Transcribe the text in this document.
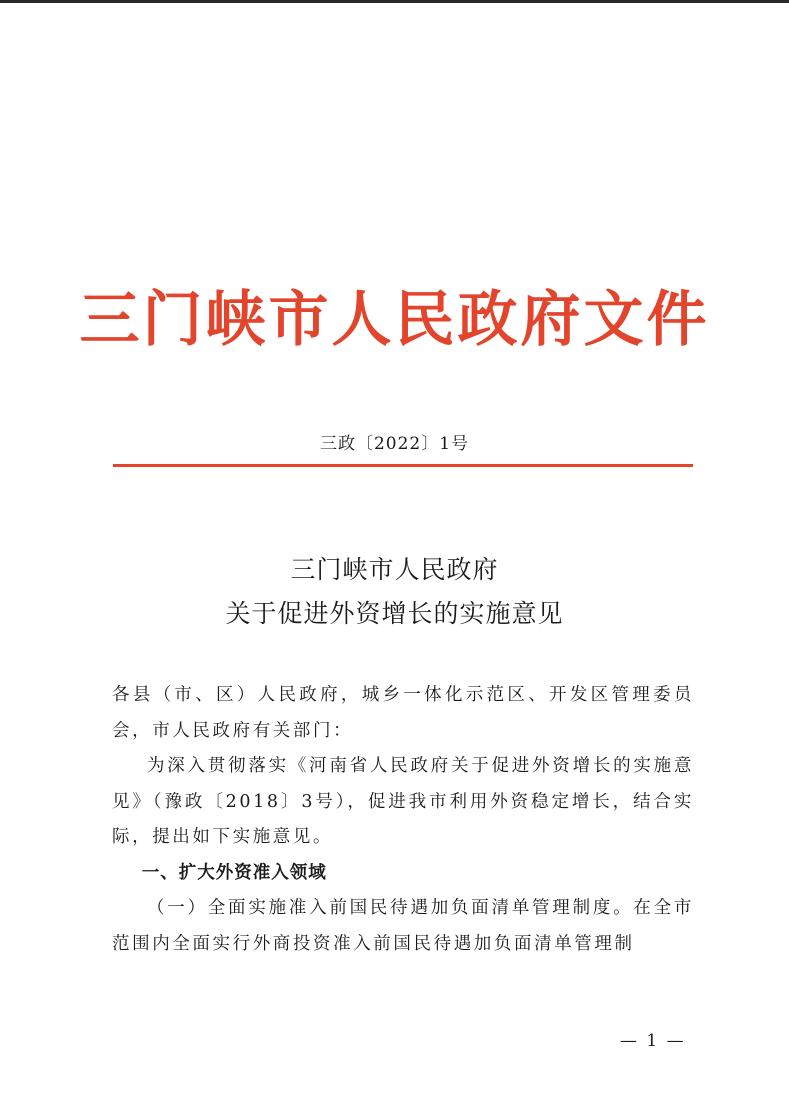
三门峡市人民政府文件
三政〔2022〕1号
三门峡市人民政府
关于促进外资增长的实施意见

各县（市、区）人民政府，城乡一体化示范区、开发区管理委员会，市人民政府有关部门：

为深入贯彻落实《河南省人民政府关于促进外资增长的实施意见》（豫政〔2018〕3号），促进我市利用外资稳定增长，结合实际，提出如下实施意见。

一、扩大外资准入领域

（一）全面实施准入前国民待遇加负面清单管理制度。在全市范围内全面实行外商投资准入前国民待遇加负面清单管理制

— 1 —
